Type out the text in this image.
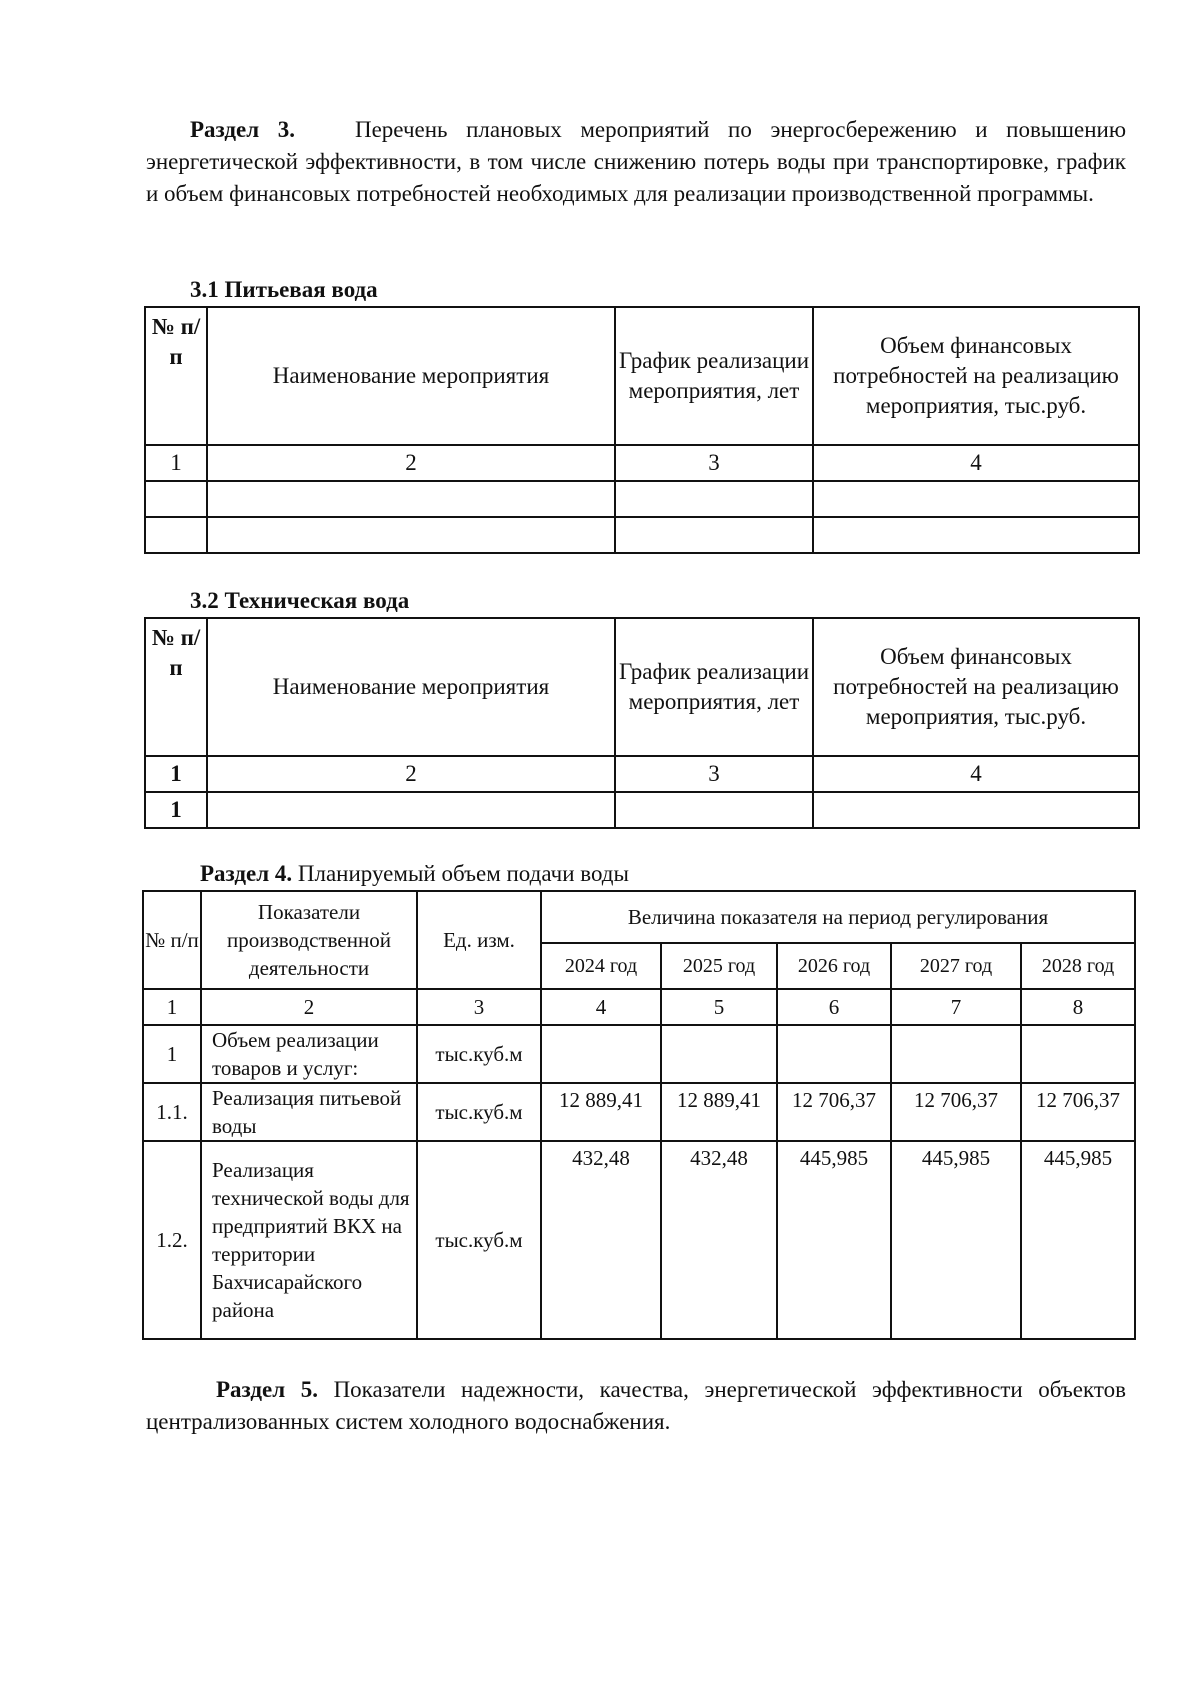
Раздел 3.	Перечень плановых мероприятий по энергосбережению и повышению энергетической эффективности, в том числе снижению потерь воды при транспортировке, график и объем финансовых потребностей необходимых для реализации производственной программы.
3.1 Питьевая вода
№ п/п	Наименование мероприятия	График реализации мероприятия, лет	Объем финансовых потребностей на реализацию мероприятия, тыс.руб.
1	2	3	4

3.2 Техническая вода
№ п/п	Наименование мероприятия	График реализации мероприятия, лет	Объем финансовых потребностей на реализацию мероприятия, тыс.руб.
1	2	3	4
1			
Раздел 4. Планируемый объем подачи воды
№ п/п	Показатели производственной деятельности	Ед. изм.	Величина показателя на период регулирования				
			2024 год	2025 год	2026 год	2027 год	2028 год
1	2	3	4	5	6	7	8
1	Объем реализации товаров и услуг:	тыс.куб.м					
1.1.	Реализация питьевой воды	тыс.куб.м	12 889,41	12 889,41	12 706,37	12 706,37	12 706,37
1.2.	Реализация технической воды для предприятий ВКХ на территории Бахчисарайского района	тыс.куб.м	432,48	432,48	445,985	445,985	445,985
Раздел 5. Показатели надежности, качества, энергетической эффективности объектов централизованных систем холодного водоснабжения.
